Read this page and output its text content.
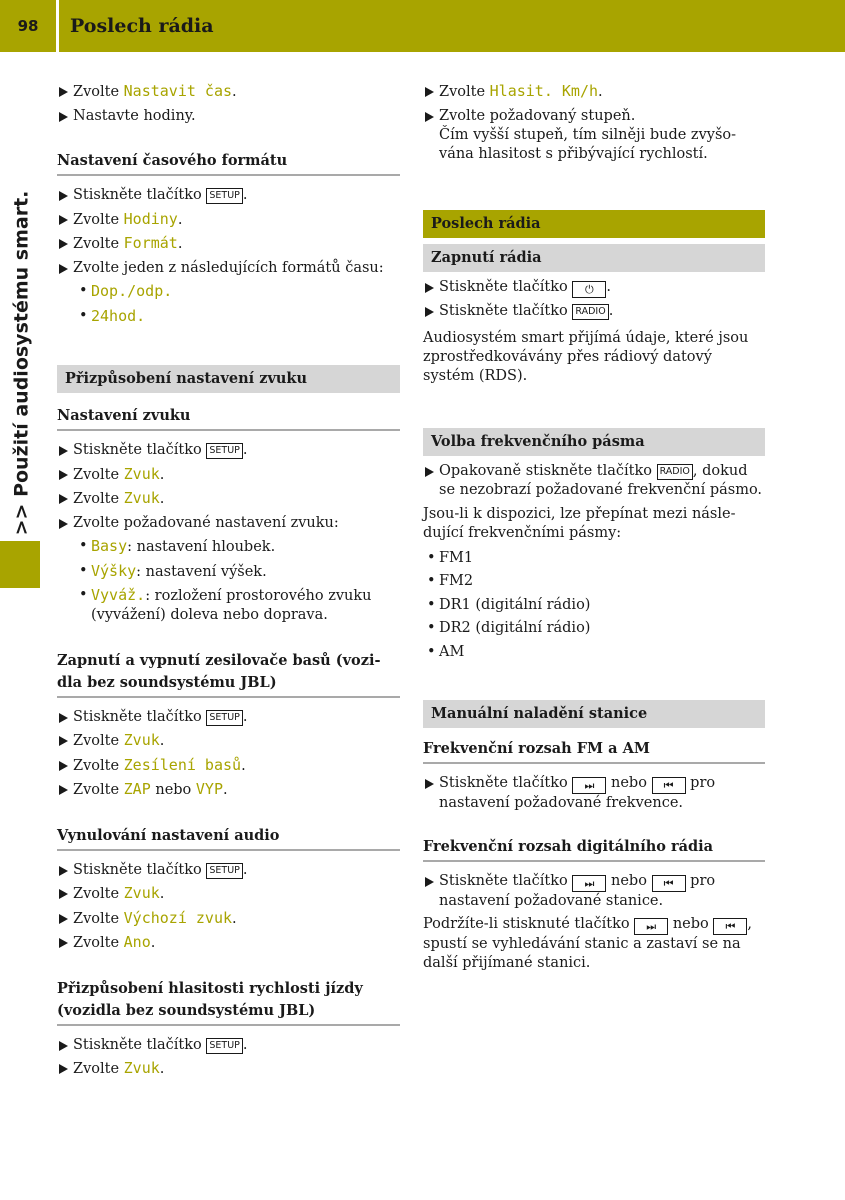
98	Poslech rádia
>> Použití audiosystému smart.
Zvolte Nastavit čas.
Nastavte hodiny.
Nastavení časového formátu
Stiskněte tlačítko SETUP .
Zvolte Hodiny.
Zvolte Formát.
Zvolte jeden z následujících formátů času:
• Dop./odp.
• 24hod.
Přizpůsobení nastavení zvuku
Nastavení zvuku
Stiskněte tlačítko SETUP .
Zvolte Zvuk.
Zvolte Zvuk.
Zvolte požadované nastavení zvuku:
• Basy: nastavení hloubek.
• Výšky: nastavení výšek.
• Vyváž.: rozložení prostorového zvuku (vyvážení) doleva nebo doprava.
Zapnutí a vypnutí zesilovače basů (vozi-dla bez soundsystému JBL)
Stiskněte tlačítko SETUP .
Zvolte Zvuk.
Zvolte Zesílení basů.
Zvolte ZAP nebo VYP.
Vynulování nastavení audio
Stiskněte tlačítko SETUP .
Zvolte Zvuk.
Zvolte Výchozí zvuk.
Zvolte Ano.
Přizpůsobení hlasitosti rychlosti jízdy (vozidla bez soundsystému JBL)
Stiskněte tlačítko SETUP .
Zvolte Zvuk.
Zvolte Hlasit. Km/h.
Zvolte požadovaný stupeň.
Čím vyšší stupeň, tím silněji bude zvyšo-vána hlasitost s přibývající rychlostí.
Poslech rádia
Zapnutí rádia
Stiskněte tlačítko ⏻ .
Stiskněte tlačítko RADIO .
Audiosystém smart přijímá údaje, které jsou zprostředkovávány přes rádiový datový systém (RDS).
Volba frekvenčního pásma
Opakovaně stiskněte tlačítko RADIO , dokud se nezobrazí požadované frekvenční pásmo.
Jsou-li k dispozici, lze přepínat mezi násle-dující frekvenčními pásmy:
• FM1
• FM2
• DR1 (digitální rádio)
• DR2 (digitální rádio)
• AM
Manuální naladění stanice
Frekvenční rozsah FM a AM
Stiskněte tlačítko ⏭ nebo ⏮ pro nastavení požadované frekvence.
Frekvenční rozsah digitálního rádia
Stiskněte tlačítko ⏭ nebo ⏮ pro nastavení požadované stanice.
Podržíte-li stisknuté tlačítko ⏭ nebo ⏮ , spustí se vyhledávání stanic a zastaví se na další přijímané stanici.
